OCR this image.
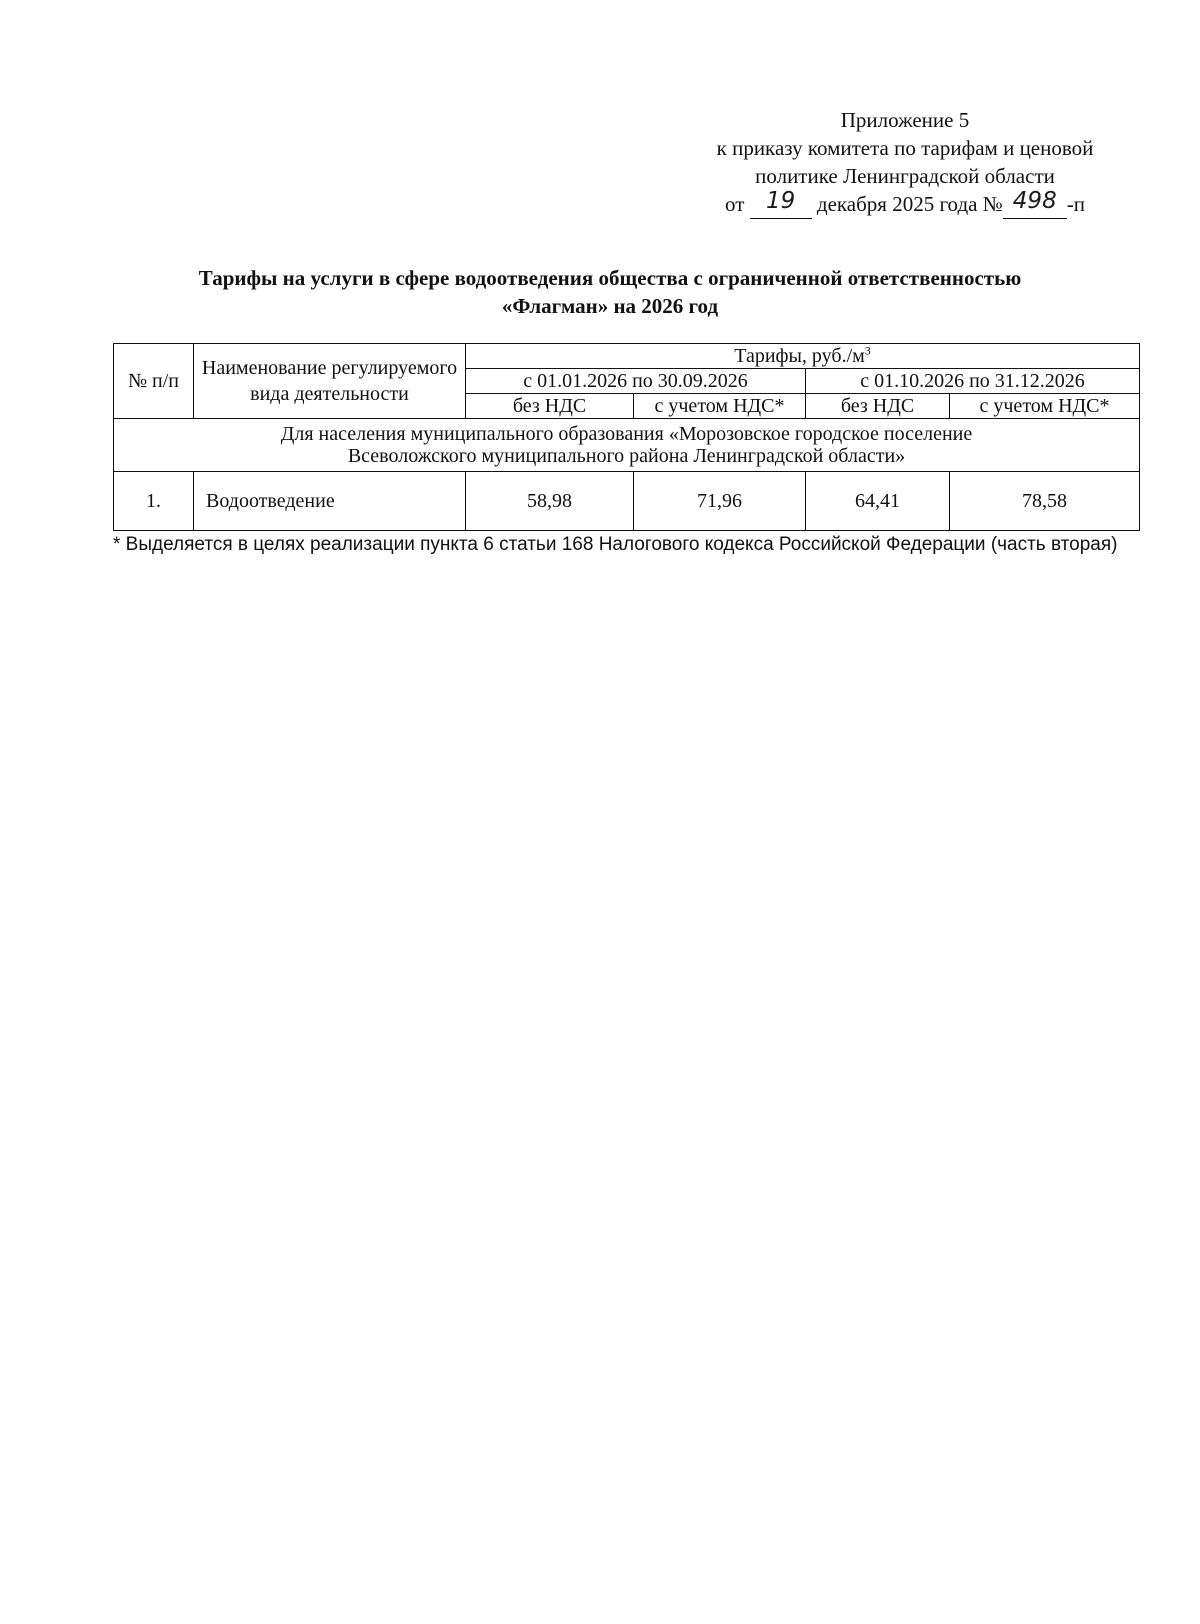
Приложение 5
к приказу комитета по тарифам и ценовой
политике Ленинградской области
от 19 декабря 2025 года № 498 -п
Тарифы на услуги в сфере водоотведения общества с ограниченной ответственностью
«Флагман» на 2026 год
№ п/п	Наименование регулируемого вида деятельности	Тарифы, $руб./м^3$
		с 01.01.2026 по 30.09.2026		с 01.10.2026 по 31.12.2026	
		без НДС	с учетом НДС*	без НДС	с учетом НДС*

Для населения муниципального образования «Морозовское городское поселение
Всеволожского муниципального района Ленинградской области»					

1.	Водоотведение	58,98	71,96	64,41	78,58
* Выделяется в целях реализации пункта 6 статьи 168 Налогового кодекса Российской Федерации (часть вторая)
